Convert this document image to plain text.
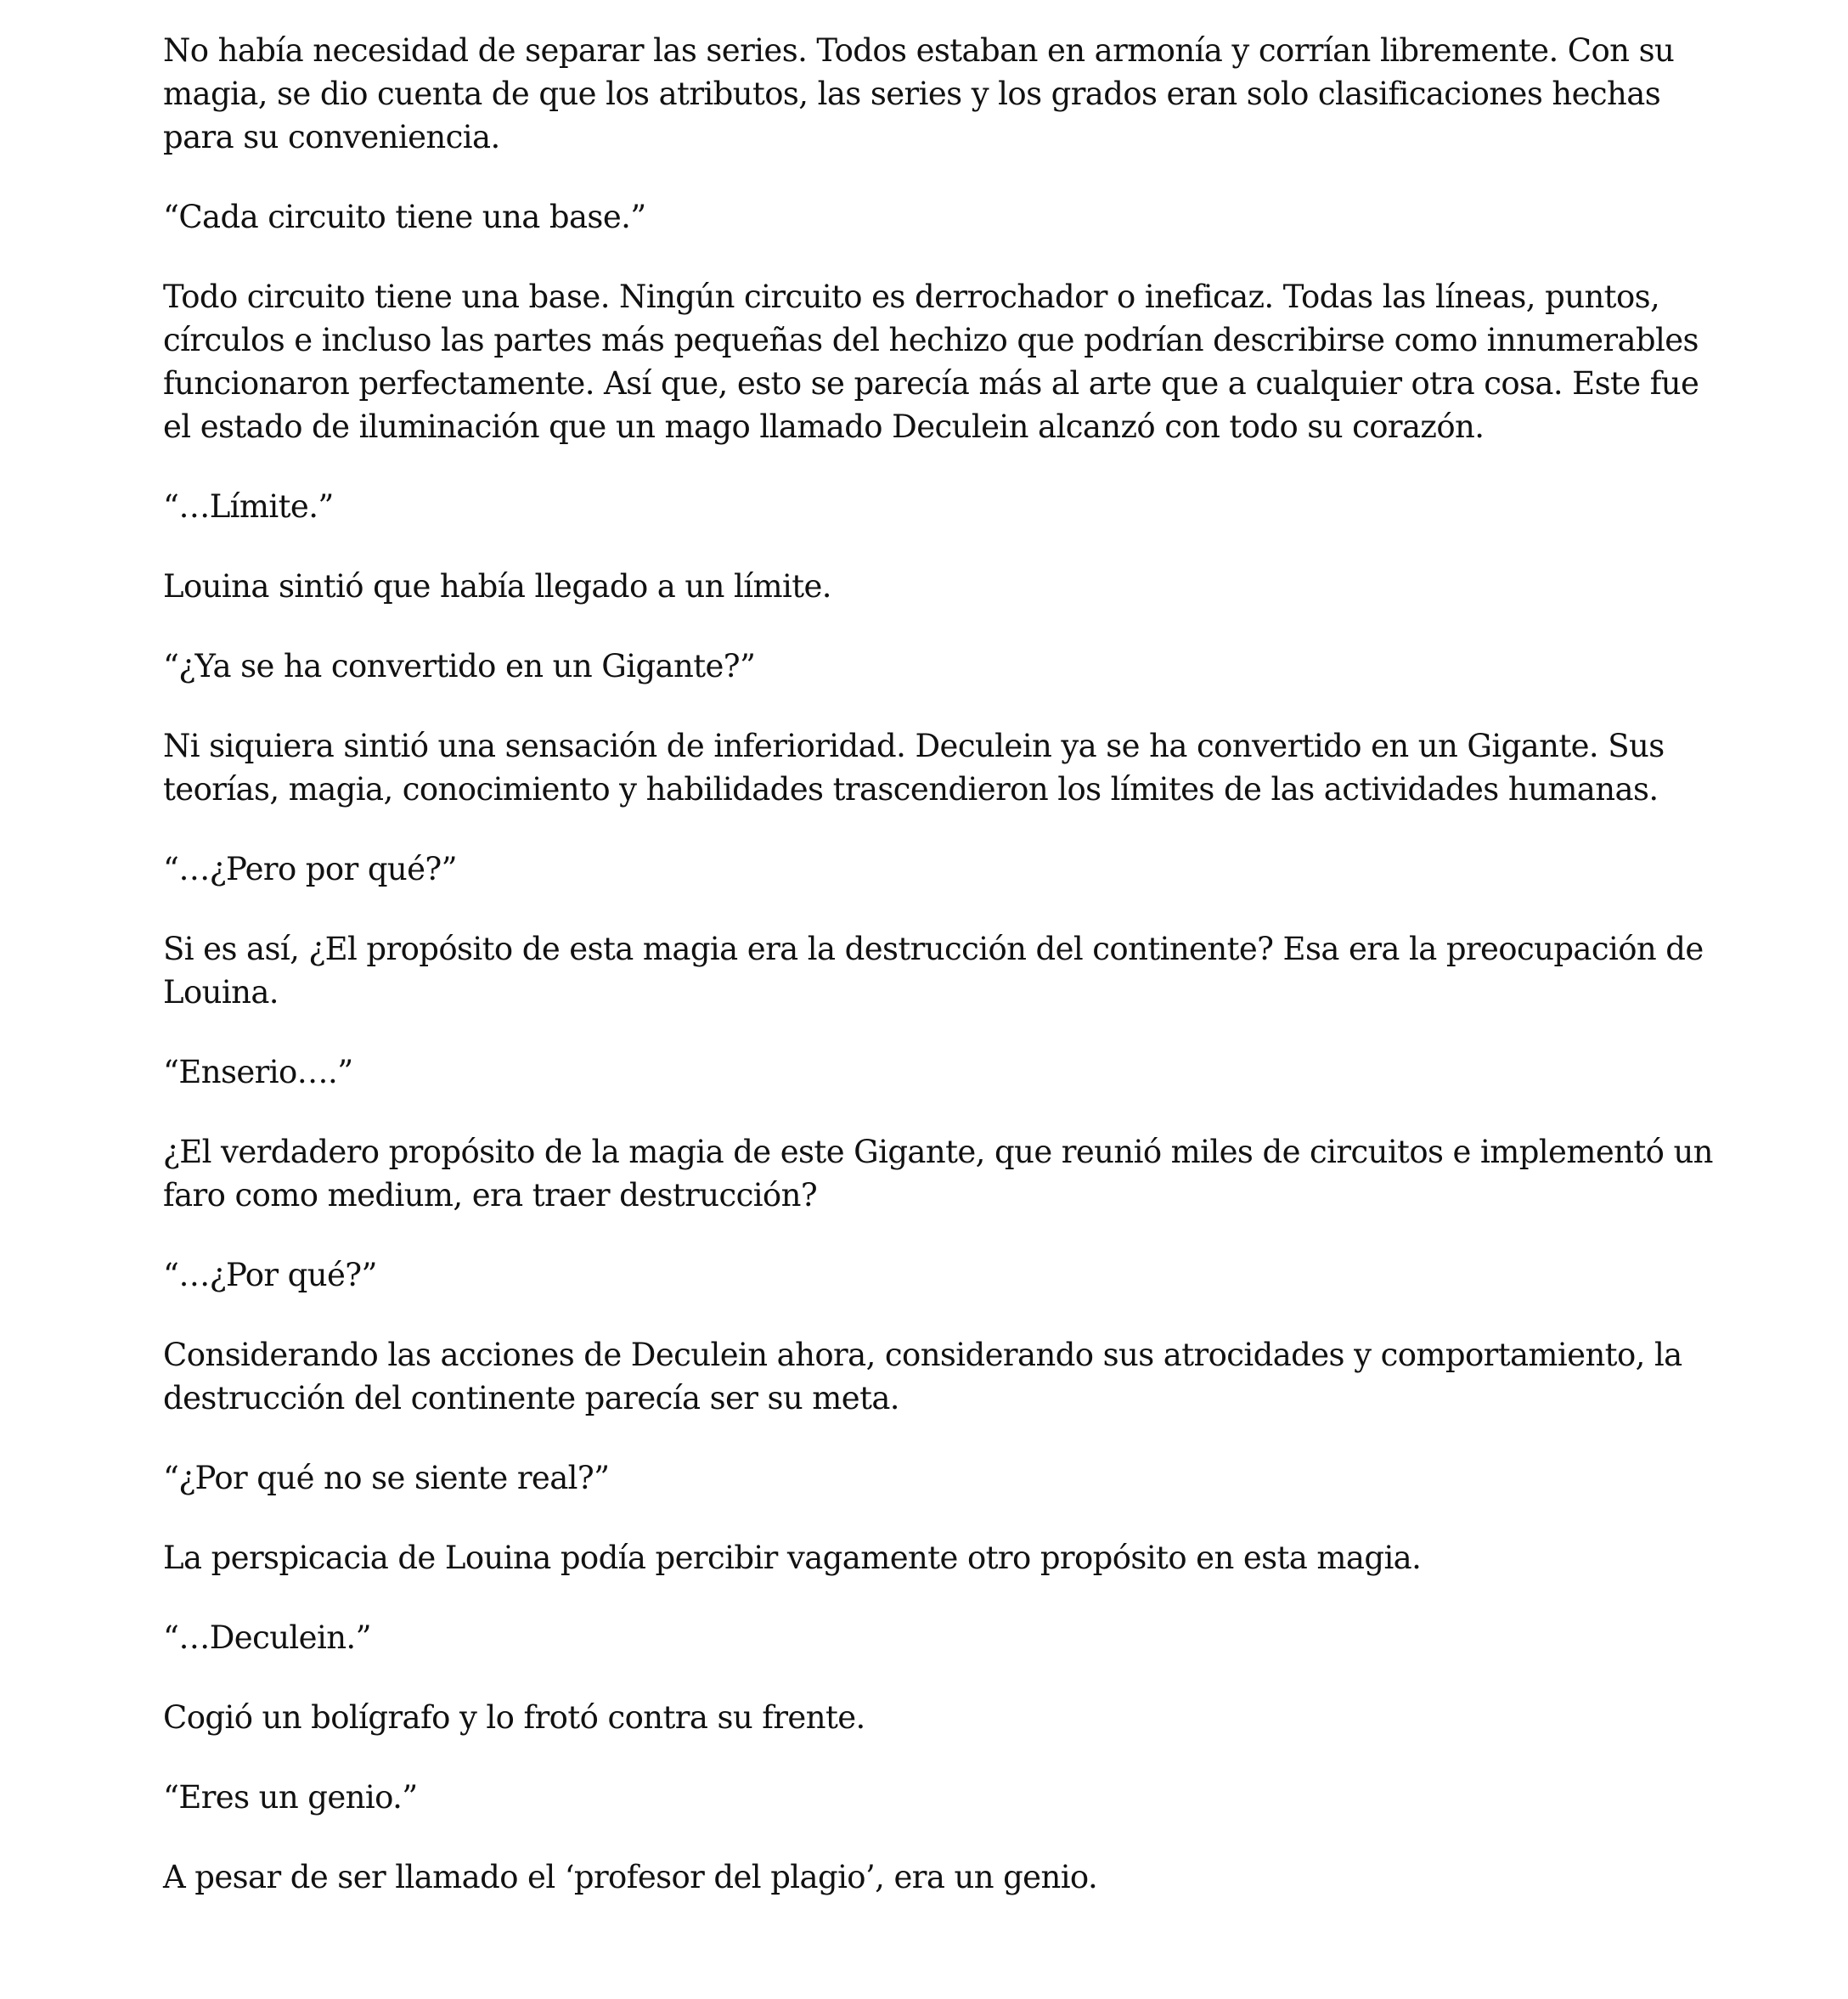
No había necesidad de separar las series. Todos estaban en armonía y corrían libremente. Con su magia, se dio cuenta de que los atributos, las series y los grados eran solo clasificaciones hechas para su conveniencia.

“Cada circuito tiene una base.”

Todo circuito tiene una base. Ningún circuito es derrochador o ineficaz. Todas las líneas, puntos, círculos e incluso las partes más pequeñas del hechizo que podrían describirse como innumerables funcionaron perfectamente. Así que, esto se parecía más al arte que a cualquier otra cosa. Este fue el estado de iluminación que un mago llamado Deculein alcanzó con todo su corazón.

“…Límite.”

Louina sintió que había llegado a un límite.

“¿Ya se ha convertido en un Gigante?”

Ni siquiera sintió una sensación de inferioridad. Deculein ya se ha convertido en un Gigante. Sus teorías, magia, conocimiento y habilidades trascendieron los límites de las actividades humanas.

“…¿Pero por qué?”

Si es así, ¿El propósito de esta magia era la destrucción del continente? Esa era la preocupación de Louina.

“Enserio….”

¿El verdadero propósito de la magia de este Gigante, que reunió miles de circuitos e implementó un faro como medium, era traer destrucción?

“…¿Por qué?”

Considerando las acciones de Deculein ahora, considerando sus atrocidades y comportamiento, la destrucción del continente parecía ser su meta.

“¿Por qué no se siente real?”

La perspicacia de Louina podía percibir vagamente otro propósito en esta magia.

“…Deculein.”

Cogió un bolígrafo y lo frotó contra su frente.

“Eres un genio.”

A pesar de ser llamado el ‘profesor del plagio’, era un genio.
